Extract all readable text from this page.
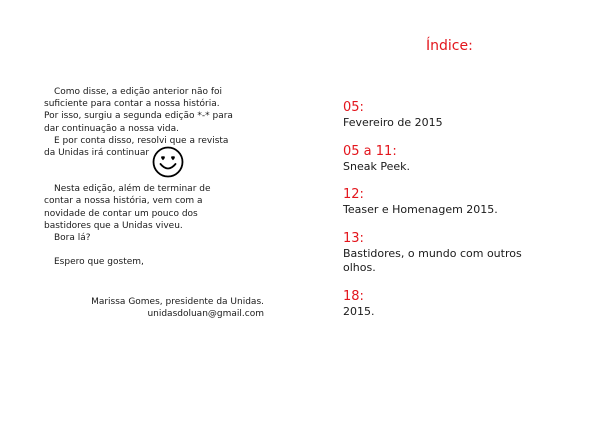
Como disse, a edição anterior não foi

suficiente para contar a nossa história.

Por isso, surgiu a segunda edição *-* para

dar continuação a nossa vida.

E por conta disso, resolvi que a revista

da Unidas irá continuar

Nesta edição, além de terminar de

contar a nossa história, vem com a

novidade de contar um pouco dos

bastidores que a Unidas viveu.

Bora lá?

Espero que gostem,

Marissa Gomes, presidente da Unidas.
unidasdoluan@gmail.com
Índice:
05:
Fevereiro de 2015
05 a 11:
Sneak Peek.
12:
Teaser e Homenagem 2015.
13:
Bastidores, o mundo com outros
olhos.
18:
2015.
